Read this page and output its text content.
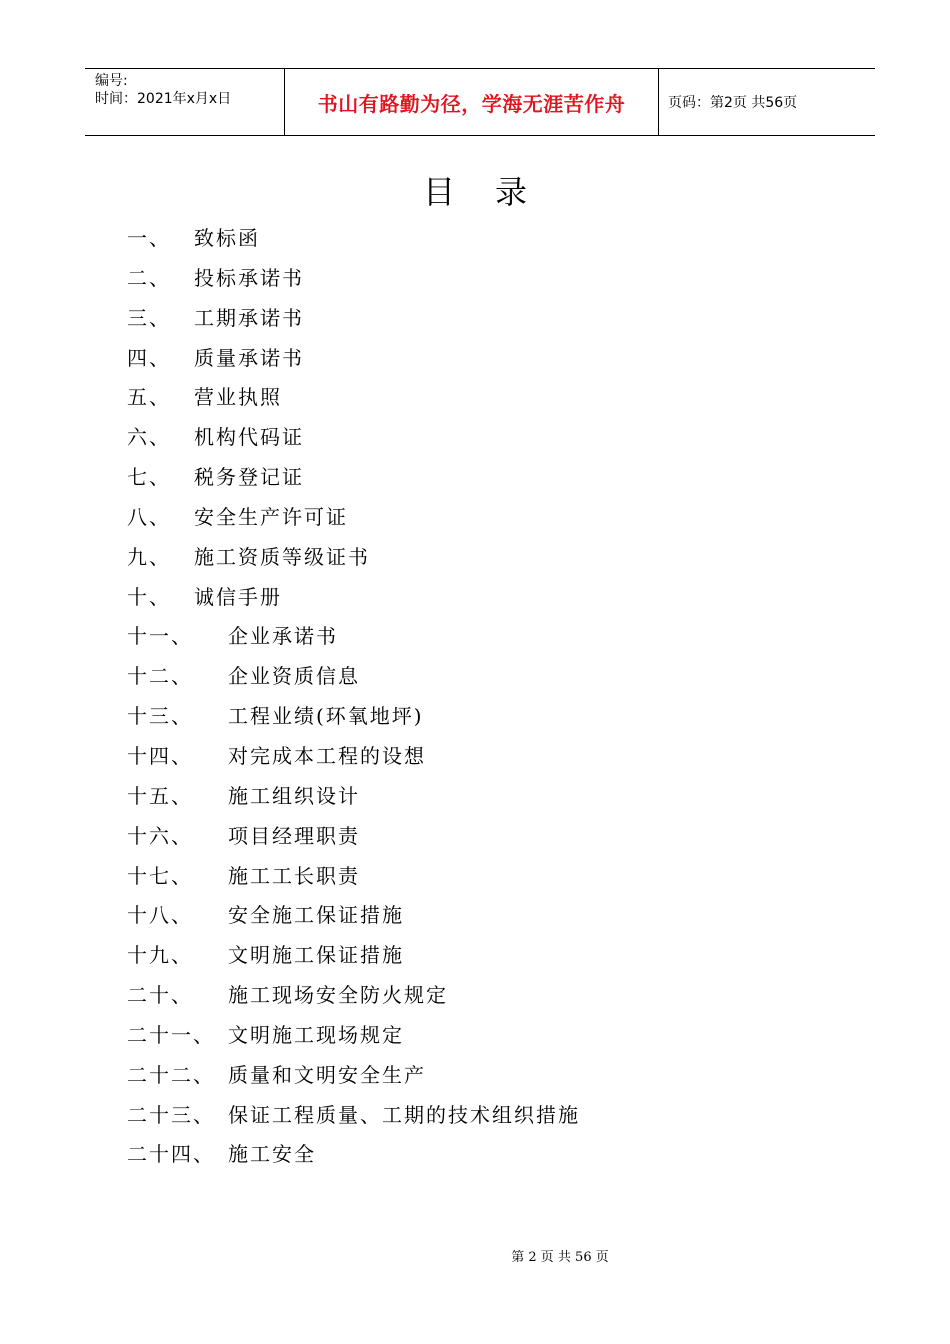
编号:
时间：2021年x月x日	书山有路勤为径，学海无涯苦作舟	页码：第2页 共56页
目录
一、 致标函
二、 投标承诺书
三、 工期承诺书
四、 质量承诺书
五、 营业执照
六、 机构代码证
七、 税务登记证
八、 安全生产许可证
九、 施工资质等级证书
十、 诚信手册
十一、 企业承诺书
十二、 企业资质信息
十三、 工程业绩(环氧地坪)
十四、 对完成本工程的设想
十五、 施工组织设计
十六、 项目经理职责
十七、 施工工长职责
十八、 安全施工保证措施
十九、 文明施工保证措施
二十、 施工现场安全防火规定
二十一、 文明施工现场规定
二十二、 质量和文明安全生产
二十三、 保证工程质量、工期的技术组织措施
二十四、 施工安全
第 2 页 共 56 页
